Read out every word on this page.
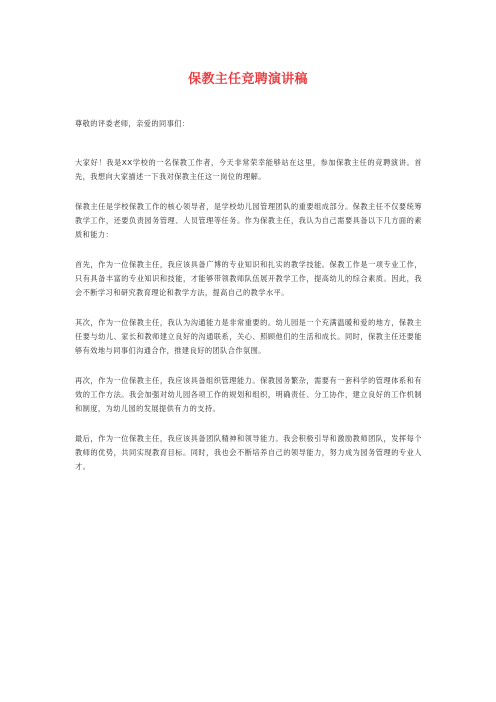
保教主任竞聘演讲稿

尊敬的评委老师，亲爱的同事们：

大家好！我是XX学校的一名保教工作者，今天非常荣幸能够站在这里，参加保教主任的竞聘演讲。首先，我想向大家描述一下我对保教主任这一岗位的理解。

保教主任是学校保教工作的核心领导者，是学校幼儿园管理团队的重要组成部分。保教主任不仅要统筹教学工作，还要负责园务管理、人员管理等任务。作为保教主任，我认为自己需要具备以下几方面的素质和能力：

首先，作为一位保教主任，我应该具备广博的专业知识和扎实的教学技能。保教工作是一项专业工作，只有具备丰富的专业知识和技能，才能够带领教师队伍展开教学工作，提高幼儿的综合素质。因此，我会不断学习和研究教育理论和教学方法，提高自己的教学水平。

其次，作为一位保教主任，我认为沟通能力是非常重要的。幼儿园是一个充满温暖和爱的地方，保教主任要与幼儿、家长和教师建立良好的沟通联系，关心、照顾他们的生活和成长。同时，保教主任还要能够有效地与同事们沟通合作，推建良好的团队合作氛围。

再次，作为一位保教主任，我应该具备组织管理能力。保教园务繁杂，需要有一套科学的管理体系和有效的工作方法。我会加强对幼儿园各项工作的规划和组织，明确责任、分工协作，建立良好的工作机制和制度，为幼儿园的发展提供有力的支持。

最后，作为一位保教主任，我应该具备团队精神和领导能力。我会积极引导和激励教师团队，发挥每个教师的优势，共同实现教育目标。同时，我也会不断培养自己的领导能力，努力成为园务管理的专业人才。
